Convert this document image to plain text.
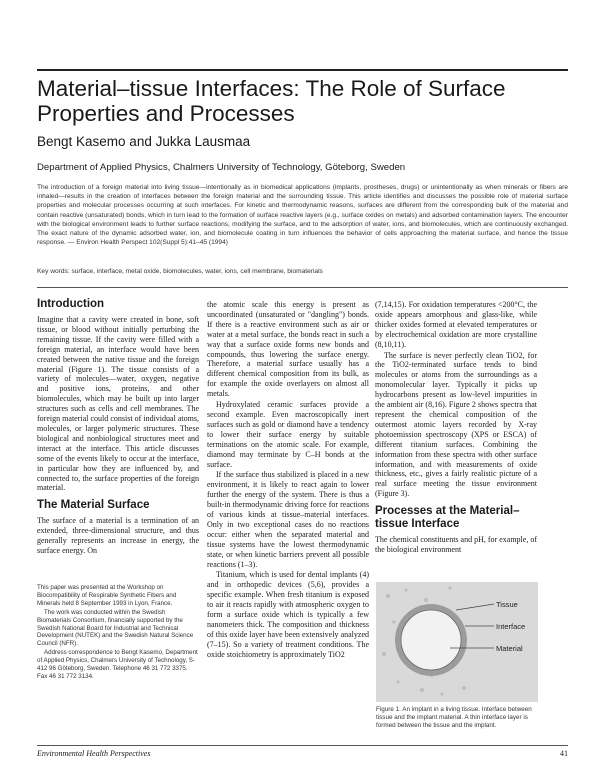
Material–tissue Interfaces: The Role of Surface Properties and Processes
Bengt Kasemo and Jukka Lausmaa
Department of Applied Physics, Chalmers University of Technology, Göteborg, Sweden

The introduction of a foreign material into living tissue—intentionally as in biomedical applications (implants, prostheses, drugs) or unintentionally as when minerals or fibers are inhaled—results in the creation of interfaces between the foreign material and the surrounding tissue. This article identifies and discusses the possible role of material surface properties and molecular processes occurring at such interfaces. For kinetic and thermodynamic reasons, surfaces are different from the corresponding bulk of the material and contain reactive (unsaturated) bonds, which in turn lead to the formation of surface reactive layers (e.g., surface oxides on metals) and adsorbed contamination layers. The encounter with the biological environment leads to further surface reactions, modifying the surface, and to the adsorption of water, ions, and biomolecules, which are continuously exchanged. The exact nature of the dynamic adsorbed water, ion, and biomolecule coating in turn influences the behavior of cells approaching the material surface, and hence the tissue response. — Environ Health Perspect 102(Suppl 5):41–45 (1994)

Key words: surface, interface, metal oxide, biomolecules, water, ions, cell membrane, biomaterials
Introduction

Imagine that a cavity were created in bone, soft tissue, or blood without initially perturbing the remaining tissue. If the cavity were filled with a foreign material, an interface would have been created between the native tissue and the foreign material (Figure 1). The tissue consists of a variety of molecules—water, oxygen, negative and positive ions, proteins, and other biomolecules, which may be built up into larger structures such as cells and cell membranes. The foreign material could consist of individual atoms, molecules, or larger polymeric structures. These biological and nonbiological structures meet and interact at the interface. This article discusses some of the events likely to occur at the interface, in particular how they are influenced by, and connected to, the surface properties of the foreign material.

The Material Surface

The surface of a material is a termination of an extended, three-dimensional structure, and thus generally represents an increase in energy, the surface energy. On

This paper was presented at the Workshop on Biocompatibility of Respirable Synthetic Fibers and Minerals held 8 September 1993 in Lyon, France.

The work was conducted within the Swedish Biomaterials Consortium, financially supported by the Swedish National Board for Industrial and Technical Development (NUTEK) and the Swedish Natural Science Council (NFR).

Address correspondence to Bengt Kasemo, Department of Applied Physics, Chalmers University of Technology, S-412 96 Göteborg, Sweden. Telephone 46 31 772 3375. Fax 46 31 772 3134.

the atomic scale this energy is present as uncoordinated (unsaturated or "dangling") bonds. If there is a reactive environment such as air or water at a metal surface, the bonds react in such a way that a surface oxide forms new bonds and compounds, thus lowering the surface energy. Therefore, a material surface usually has a different chemical composition from its bulk, as for example the oxide overlayers on almost all metals.

Hydroxylated ceramic surfaces provide a second example. Even macroscopically inert surfaces such as gold or diamond have a tendency to lower their surface energy by suitable terminations on the atomic scale. For example, diamond may terminate by C–H bonds at the surface.

If the surface thus stabilized is placed in a new environment, it is likely to react again to lower further the energy of the system. There is thus a built-in thermodynamic driving force for reactions of various kinds at tissue–material interfaces. Only in two exceptional cases do no reactions occur: either when the separated material and tissue systems have the lowest thermodynamic state, or when kinetic barriers prevent all possible reactions (1–3).

Titanium, which is used for dental implants (4) and in orthopedic devices (5,6), provides a specific example. When fresh titanium is exposed to air it reacts rapidly with atmospheric oxygen to form a surface oxide which is typically a few nanometers thick. The composition and thickness of this oxide layer have been extensively analyzed (7–15). So a variety of treatment conditions. The oxide stoichiometry is approximately TiO2

(7,14,15). For oxidation temperatures <200°C, the oxide appears amorphous and glass-like, while thicker oxides formed at elevated temperatures or by electrochemical oxidation are more crystalline (8,10,11).

The surface is never perfectly clean TiO2, for the TiO2-terminated surface tends to bind molecules or atoms from the surroundings as a monomolecular layer. Typically it picks up hydrocarbons present as low-level impurities in the ambient air (8,16). Figure 2 shows spectra that represent the chemical composition of the outermost atomic layers recorded by X-ray photoemission spectroscopy (XPS or ESCA) of different titanium surfaces. Combining the information from these spectra with other surface information, and with measurements of oxide thickness, etc., gives a fairly realistic picture of a real surface meeting the tissue environment (Figure 3).

Processes at the Material–tissue Interface

The chemical constituents and pH, for example, of the biological environment

Tissue
Interface
Material
Figure 1. An implant in a living tissue. Interface between tissue and the implant material. A thin interface layer is formed between the tissue and the implant.
Environmental Health Perspectives	41
